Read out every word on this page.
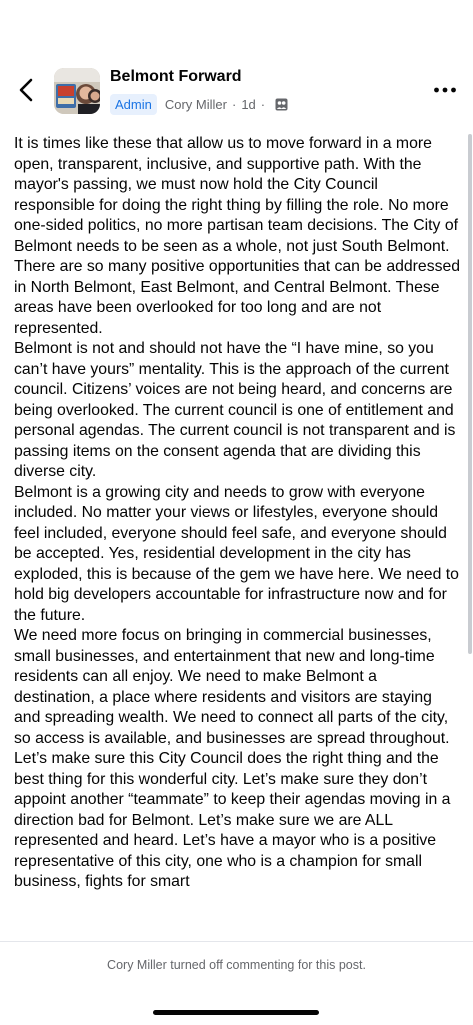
Belmont Forward
Admin	Cory Miller · 1d ·

It is times like these that allow us to move forward in a more open, transparent, inclusive, and supportive path. With the mayor's passing, we must now hold the City Council responsible for doing the right thing by filling the role. No more one-sided politics, no more partisan team decisions. The City of Belmont needs to be seen as a whole, not just South Belmont. There are so many positive opportunities that can be addressed in North Belmont, East Belmont, and Central Belmont. These areas have been overlooked for too long and are not represented.

Belmont is not and should not have the “I have mine, so you can’t have yours” mentality. This is the approach of the current council. Citizens’ voices are not being heard, and concerns are being overlooked. The current council is one of entitlement and personal agendas. The current council is not transparent and is passing items on the consent agenda that are dividing this diverse city.

Belmont is a growing city and needs to grow with everyone included. No matter your views or lifestyles, everyone should feel included, everyone should feel safe, and everyone should be accepted. Yes, residential development in the city has exploded, this is because of the gem we have here. We need to hold big developers accountable for infrastructure now and for the future.

We need more focus on bringing in commercial businesses, small businesses, and entertainment that new and long-time residents can all enjoy. We need to make Belmont a destination, a place where residents and visitors are staying and spreading wealth. We need to connect all parts of the city, so access is available, and businesses are spread throughout.

Let’s make sure this City Council does the right thing and the best thing for this wonderful city. Let’s make sure they don’t appoint another “teammate” to keep their agendas moving in a direction bad for Belmont. Let’s make sure we are ALL represented and heard. Let’s have a mayor who is a positive representative of this city, one who is a champion for small business, fights for smart

Cory Miller turned off commenting for this post.
